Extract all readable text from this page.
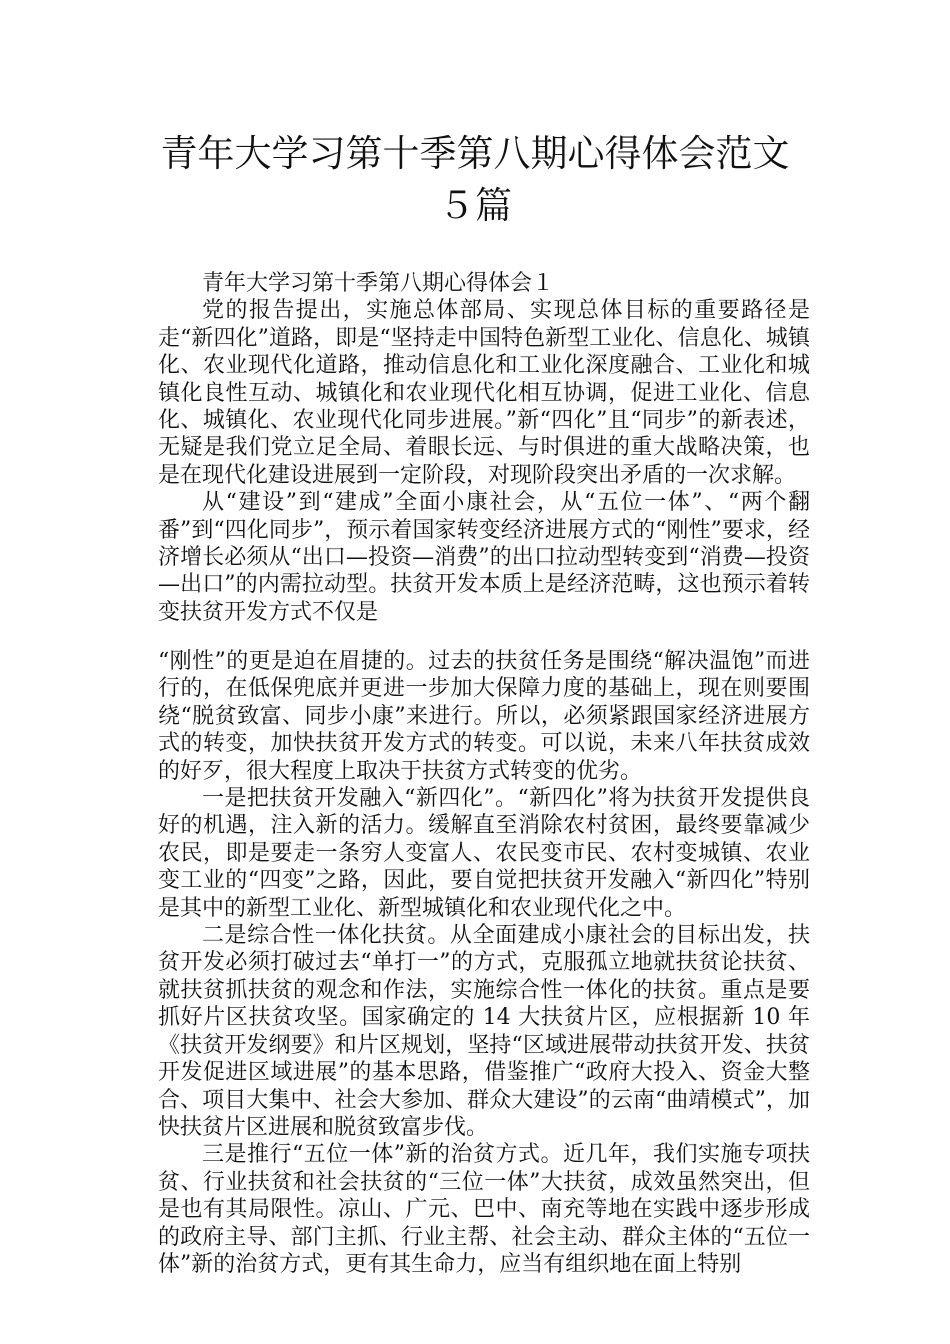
青年大学习第十季第八期心得体会范文５篇

青年大学习第十季第八期心得体会１

党的报告提出，实施总体部局、实现总体目标的重要路径是走“新四化”道路，即是“坚持走中国特色新型工业化、信息化、城镇化、农业现代化道路，推动信息化和工业化深度融合、工业化和城镇化良性互动、城镇化和农业现代化相互协调，促进工业化、信息化、城镇化、农业现代化同步进展。”新“四化”且“同步”的新表述，无疑是我们党立足全局、着眼长远、与时俱进的重大战略决策，也是在现代化建设进展到一定阶段，对现阶段突出矛盾的一次求解。

从“建设”到“建成”全面小康社会，从“五位一体”、“两个翻番”到“四化同步”，预示着国家转变经济进展方式的“刚性”要求，经济增长必须从“出口—投资—消费”的出口拉动型转变到“消费—投资—出口”的内需拉动型。扶贫开发本质上是经济范畴，这也预示着转变扶贫开发方式不仅是

“刚性”的更是迫在眉捷的。过去的扶贫任务是围绕“解决温饱”而进行的，在低保兜底并更进一步加大保障力度的基础上，现在则要围绕“脱贫致富、同步小康”来进行。所以，必须紧跟国家经济进展方式的转变，加快扶贫开发方式的转变。可以说，未来八年扶贫成效的好歹，很大程度上取决于扶贫方式转变的优劣。

一是把扶贫开发融入“新四化”。“新四化”将为扶贫开发提供良好的机遇，注入新的活力。缓解直至消除农村贫困，最终要靠减少农民，即是要走一条穷人变富人、农民变市民、农村变城镇、农业变工业的“四变”之路，因此，要自觉把扶贫开发融入“新四化”特别是其中的新型工业化、新型城镇化和农业现代化之中。

二是综合性一体化扶贫。从全面建成小康社会的目标出发，扶贫开发必须打破过去“单打一”的方式，克服孤立地就扶贫论扶贫、就扶贫抓扶贫的观念和作法，实施综合性一体化的扶贫。重点是要抓好片区扶贫攻坚。国家确定的 14 大扶贫片区，应根据新 10 年《扶贫开发纲要》和片区规划，坚持“区域进展带动扶贫开发、扶贫开发促进区域进展”的基本思路，借鉴推广“政府大投入、资金大整合、项目大集中、社会大参加、群众大建设”的云南“曲靖模式”，加快扶贫片区进展和脱贫致富步伐。

三是推行“五位一体”新的治贫方式。近几年，我们实施专项扶贫、行业扶贫和社会扶贫的“三位一体”大扶贫，成效虽然突出，但是也有其局限性。凉山、广元、巴中、南充等地在实践中逐步形成的政府主导、部门主抓、行业主帮、社会主动、群众主体的“五位一体”新的治贫方式，更有其生命力，应当有组织地在面上特别
